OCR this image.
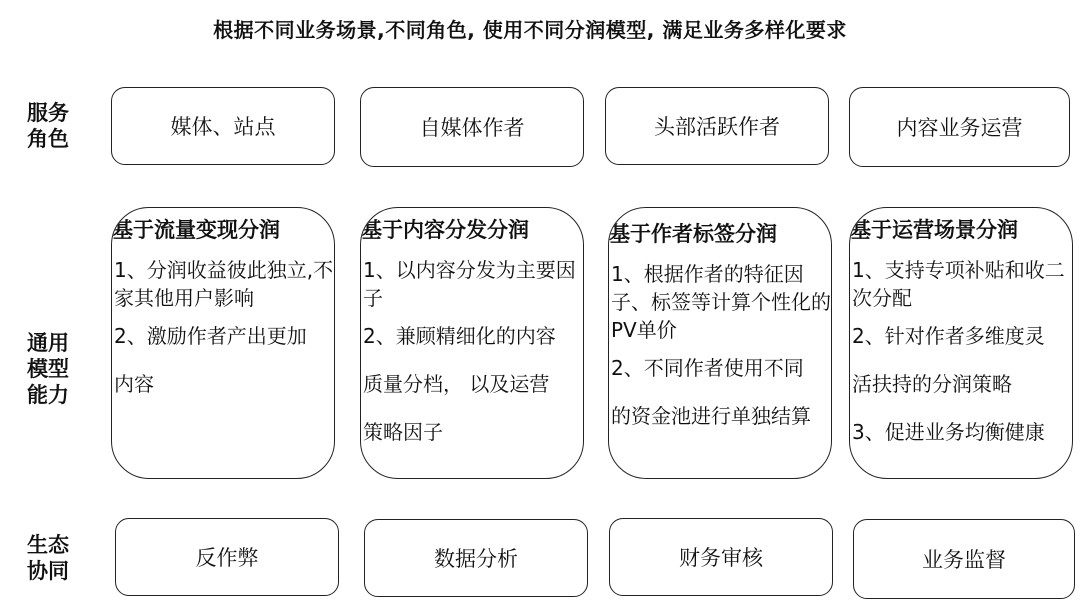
根据不同业务场景,不同角色, 使用不同分润模型, 满足业务多样化要求
服务
角色
通用
模型
能力
生态
协同
媒体、站点	自媒体作者	头部活跃作者	内容业务运营
基于流量变现分润
1、分润收益彼此独立,不家其他用户影响
2、激励作者产出更加
内容
基于内容分发分润
1、以内容分发为主要因子
2、兼顾精细化的内容
质量分档， 以及运营
策略因子
基于作者标签分润
1、根据作者的特征因子、标签等计算个性化的PV单价
2、不同作者使用不同
的资金池进行单独结算
基于运营场景分润
1、支持专项补贴和收二次分配
2、针对作者多维度灵
活扶持的分润策略
3、促进业务均衡健康
反作弊	数据分析	财务审核	业务监督
